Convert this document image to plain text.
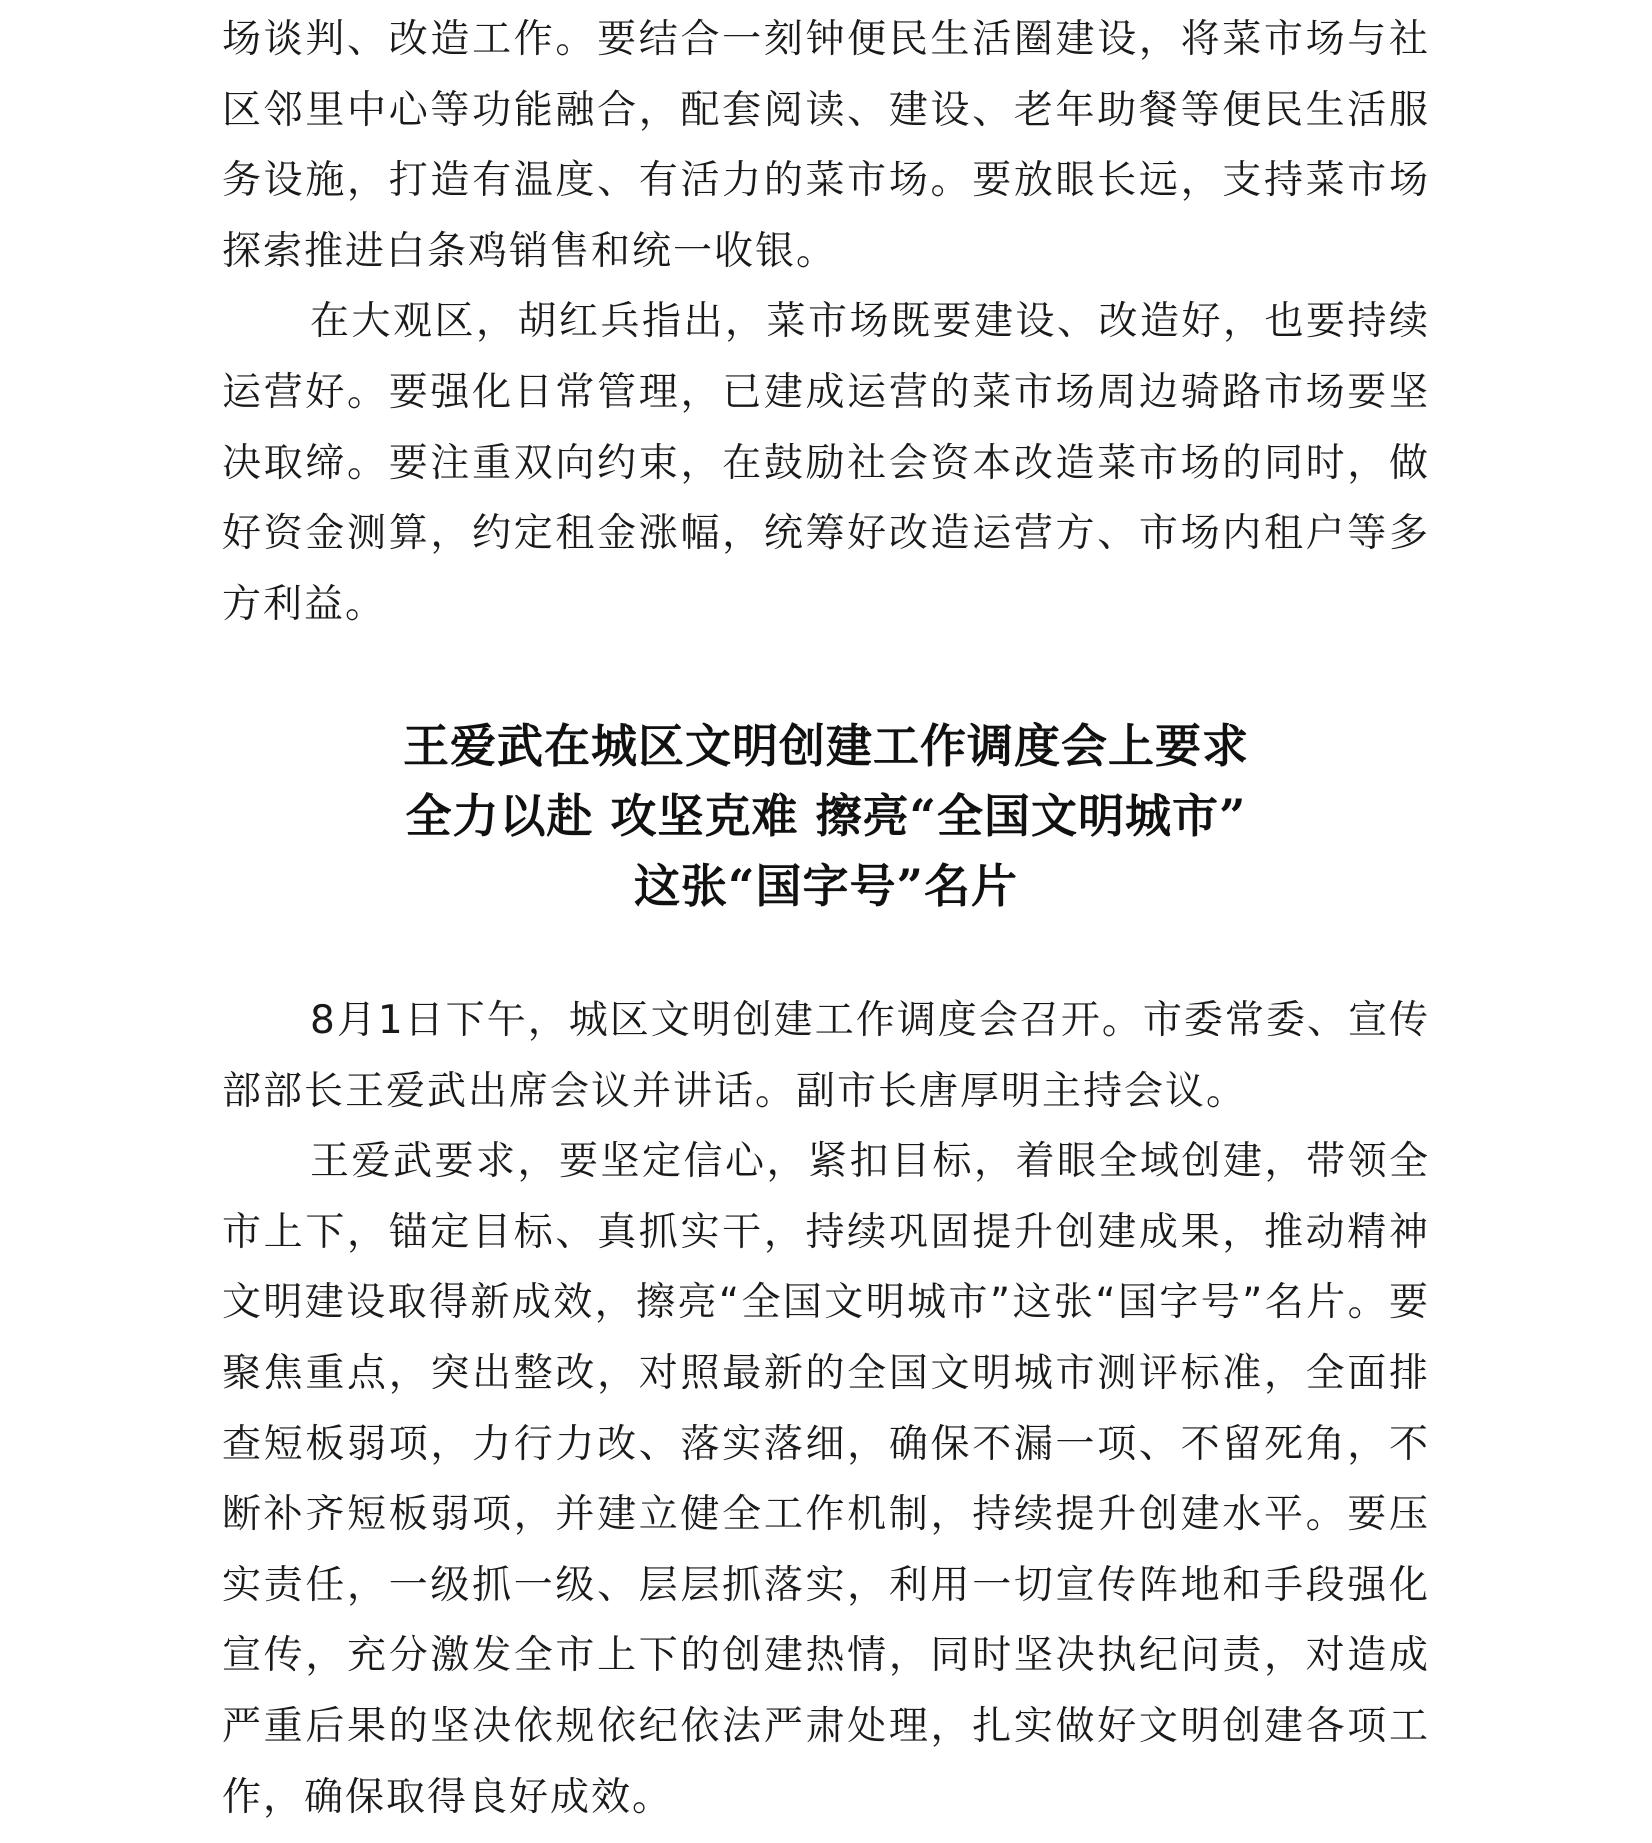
场谈判、改造工作。要结合一刻钟便民生活圈建设，将菜市场与社区邻里中心等功能融合，配套阅读、建设、老年助餐等便民生活服务设施，打造有温度、有活力的菜市场。要放眼长远，支持菜市场探索推进白条鸡销售和统一收银。

在大观区，胡红兵指出，菜市场既要建设、改造好，也要持续运营好。要强化日常管理，已建成运营的菜市场周边骑路市场要坚决取缔。要注重双向约束，在鼓励社会资本改造菜市场的同时，做好资金测算，约定租金涨幅，统筹好改造运营方、市场内租户等多方利益。

王爱武在城区文明创建工作调度会上要求
全力以赴 攻坚克难 擦亮“全国文明城市”
这张“国字号”名片

8月1日下午，城区文明创建工作调度会召开。市委常委、宣传部部长王爱武出席会议并讲话。副市长唐厚明主持会议。

王爱武要求，要坚定信心，紧扣目标，着眼全域创建，带领全市上下，锚定目标、真抓实干，持续巩固提升创建成果，推动精神文明建设取得新成效，擦亮“全国文明城市”这张“国字号”名片。要聚焦重点，突出整改，对照最新的全国文明城市测评标准，全面排查短板弱项，力行力改、落实落细，确保不漏一项、不留死角，不断补齐短板弱项，并建立健全工作机制，持续提升创建水平。要压实责任，一级抓一级、层层抓落实，利用一切宣传阵地和手段强化宣传，充分激发全市上下的创建热情，同时坚决执纪问责，对造成严重后果的坚决依规依纪依法严肃处理，扎实做好文明创建各项工作，确保取得良好成效。
